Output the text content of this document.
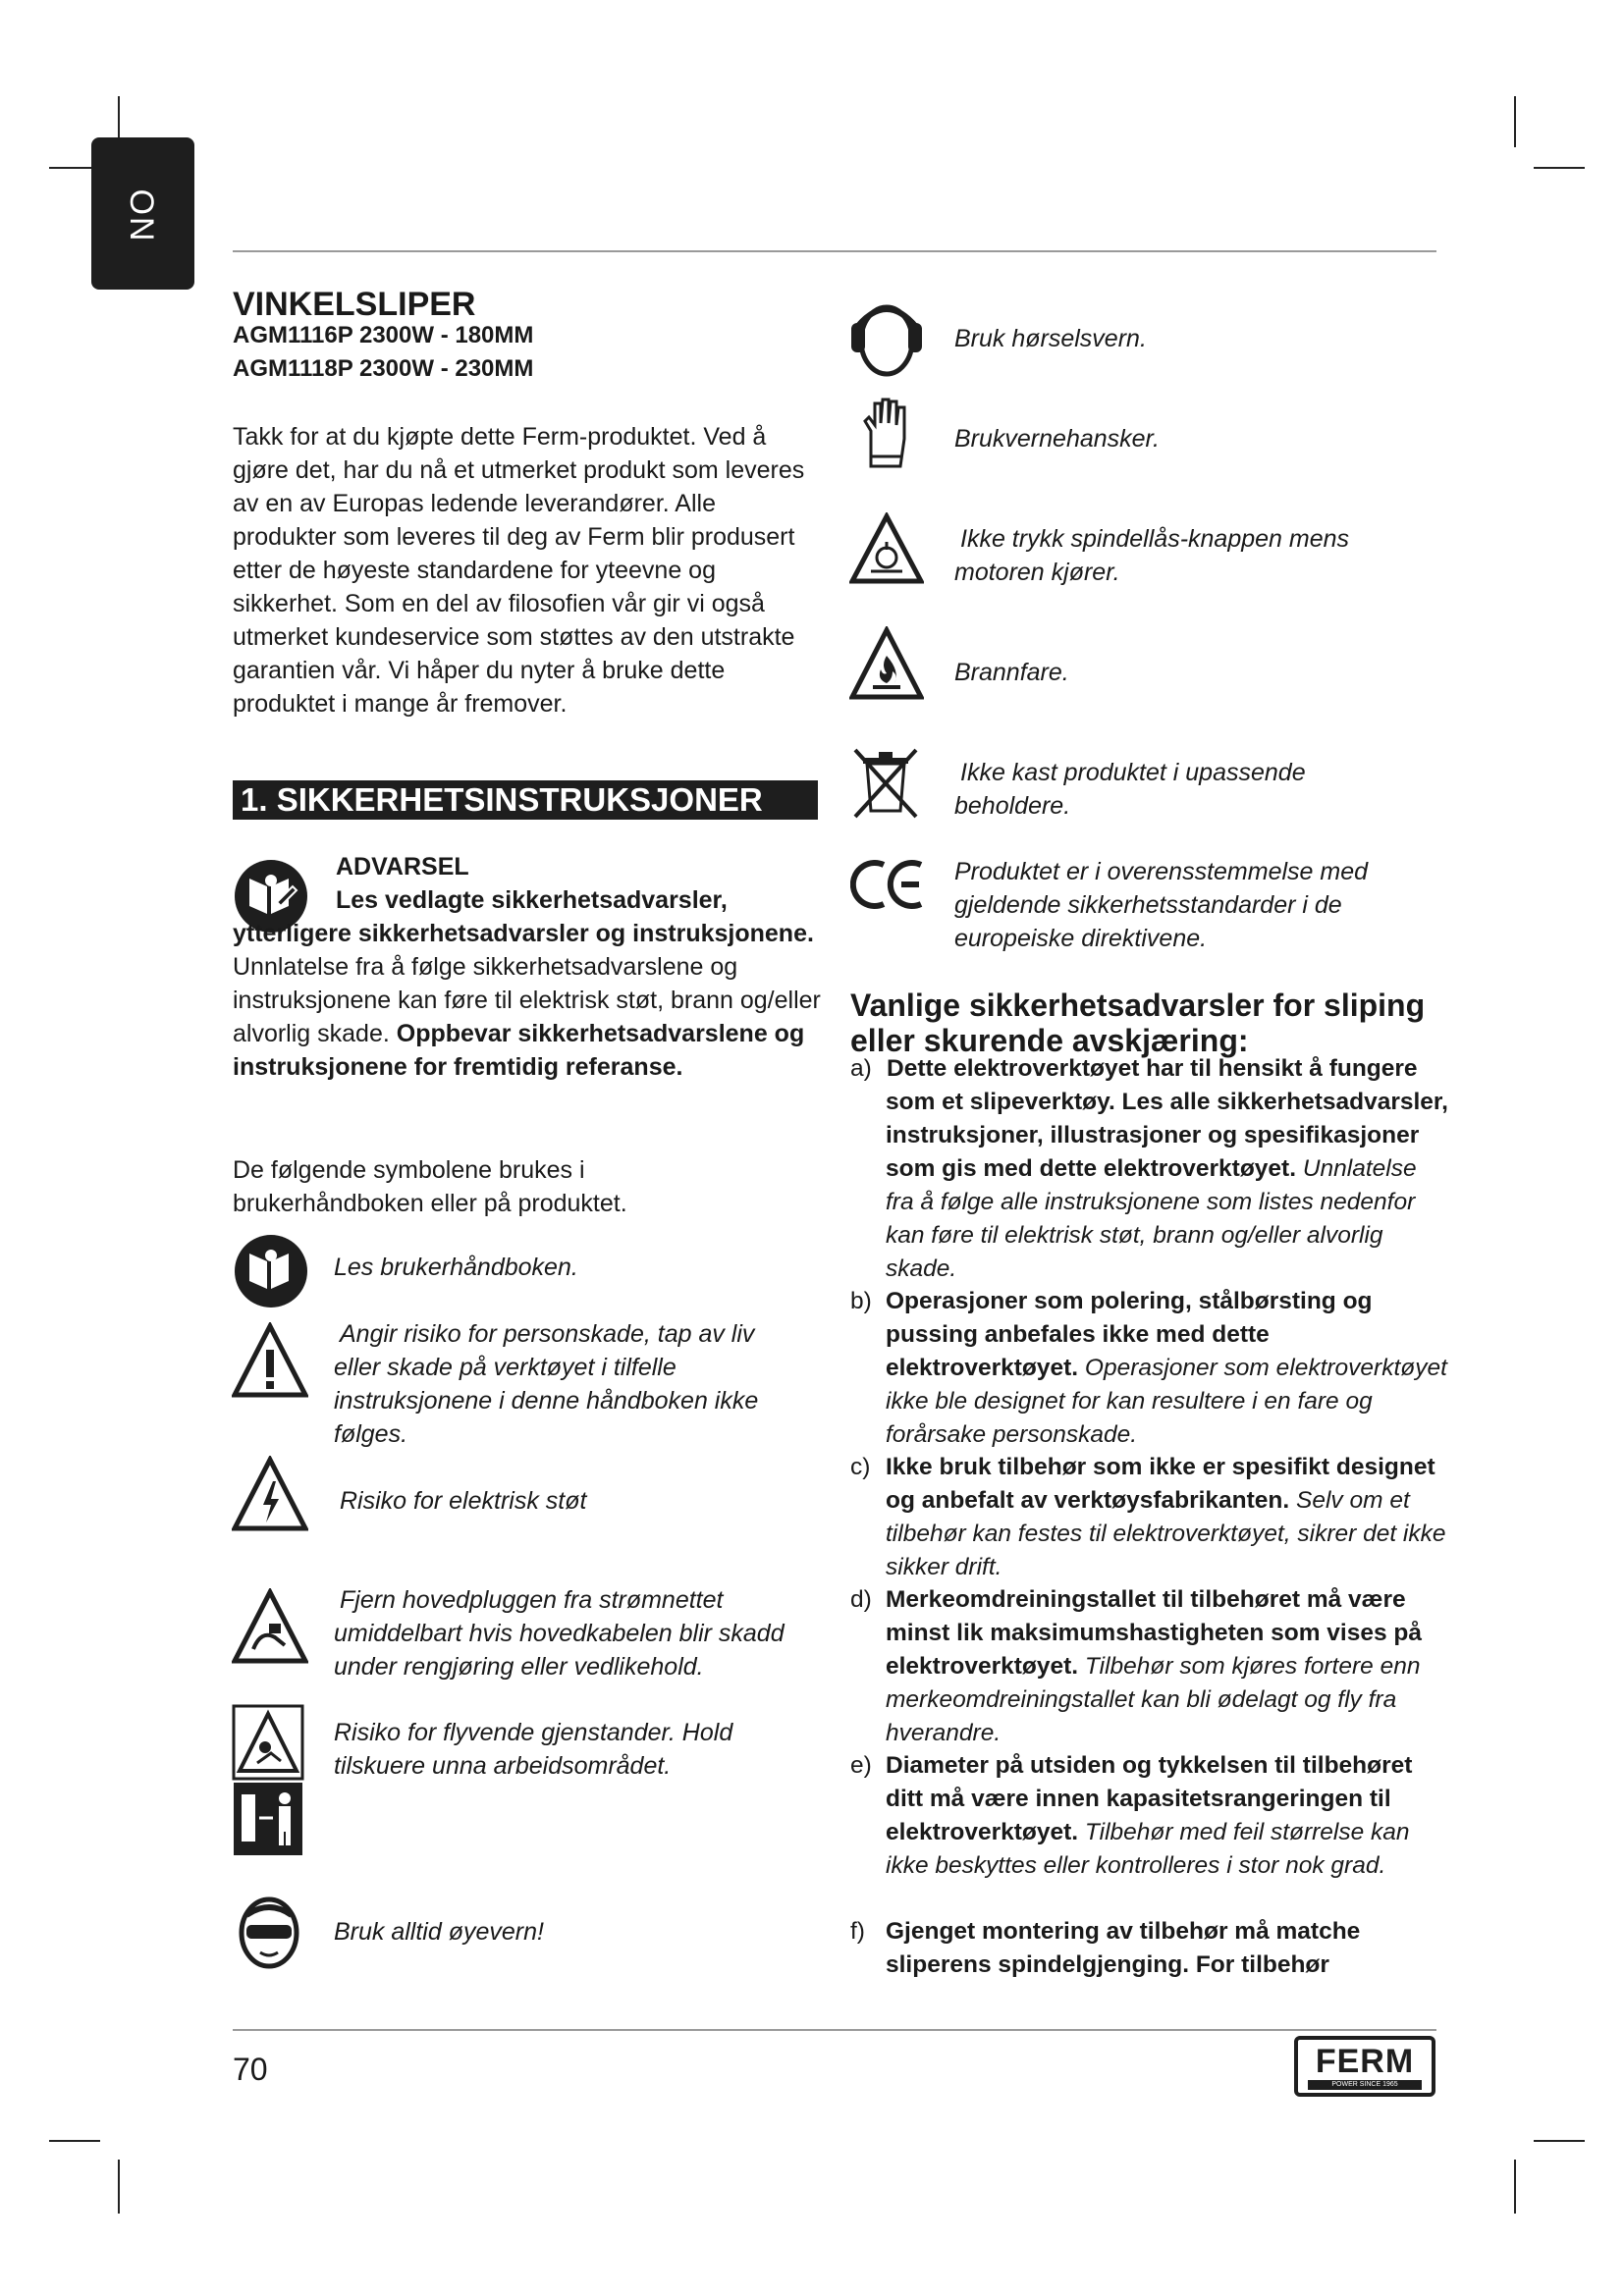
NO
VINKELSLIPER
AGM1116P 2300W - 180MM
AGM1118P 2300W - 230MM

Takk for at du kjøpte dette Ferm-produktet. Ved å gjøre det, har du nå et utmerket produkt som leveres av en av Europas ledende leverandører. Alle produkter som leveres til deg av Ferm blir produsert etter de høyeste standardene for yteevne og sikkerhet. Som en del av filosofien vår gir vi også utmerket kundeservice som støttes av den utstrakte garantien vår. Vi håper du nyter å bruke dette produktet i mange år fremover.

1. SIKKERHETSINSTRUKSJONER
ADVARSEL
Les vedlagte sikkerhetsadvarsler, ytterligere sikkerhetsadvarsler og instruksjonene. Unnlatelse fra å følge sikkerhetsadvarslene og instruksjonene kan føre til elektrisk støt, brann og/eller alvorlig skade. Oppbevar sikkerhetsadvarslene og instruksjonene for fremtidig referanse.

De følgende symbolene brukes i brukerhåndboken eller på produktet.

Les brukerhåndboken.
Angir risiko for personskade, tap av liv eller skade på verktøyet i tilfelle instruksjonene i denne håndboken ikke følges.
Risiko for elektrisk støt
Fjern hovedpluggen fra strømnettet umiddelbart hvis hovedkabelen blir skadd under rengjøring eller vedlikehold.
Risiko for flyvende gjenstander. Hold tilskuere unna arbeidsområdet.
Bruk alltid øyevern!
Bruk hørselsvern.
Brukvernehansker.
Ikke trykk spindellås-knappen mens motoren kjører.
Brannfare.
Ikke kast produktet i upassende beholdere.
Produktet er i overensstemmelse med gjeldende sikkerhetsstandarder i de europeiske direktivene.
Vanlige sikkerhetsadvarsler for sliping eller skurende avskjæring:
a) Dette elektroverktøyet har til hensikt å fungere som et slipeverktøy. Les alle sikkerhetsadvarsler, instruksjoner, illustrasjoner og spesifikasjoner som gis med dette elektroverktøyet. Unnlatelse fra å følge alle instruksjonene som listes nedenfor kan føre til elektrisk støt, brann og/eller alvorlig skade.
b) Operasjoner som polering, stålbørsting og pussing anbefales ikke med dette elektroverktøyet. Operasjoner som elektroverktøyet ikke ble designet for kan resultere i en fare og forårsake personskade.
c) Ikke bruk tilbehør som ikke er spesifikt designet og anbefalt av verktøysfabrikanten. Selv om et tilbehør kan festes til elektroverktøyet, sikrer det ikke sikker drift.
d) Merkeomdreiningstallet til tilbehøret må være minst lik maksimumshastigheten som vises på elektroverktøyet. Tilbehør som kjøres fortere enn merkeomdreiningstallet kan bli ødelagt og fly fra hverandre.
e) Diameter på utsiden og tykkelsen til tilbehøret ditt må være innen kapasitetsrangeringen til elektroverktøyet. Tilbehør med feil størrelse kan ikke beskyttes eller kontrolleres i stor nok grad.
f) Gjenget montering av tilbehør må matche sliperens spindelgjenging. For tilbehør
70	FERM
POWER SINCE 1965
